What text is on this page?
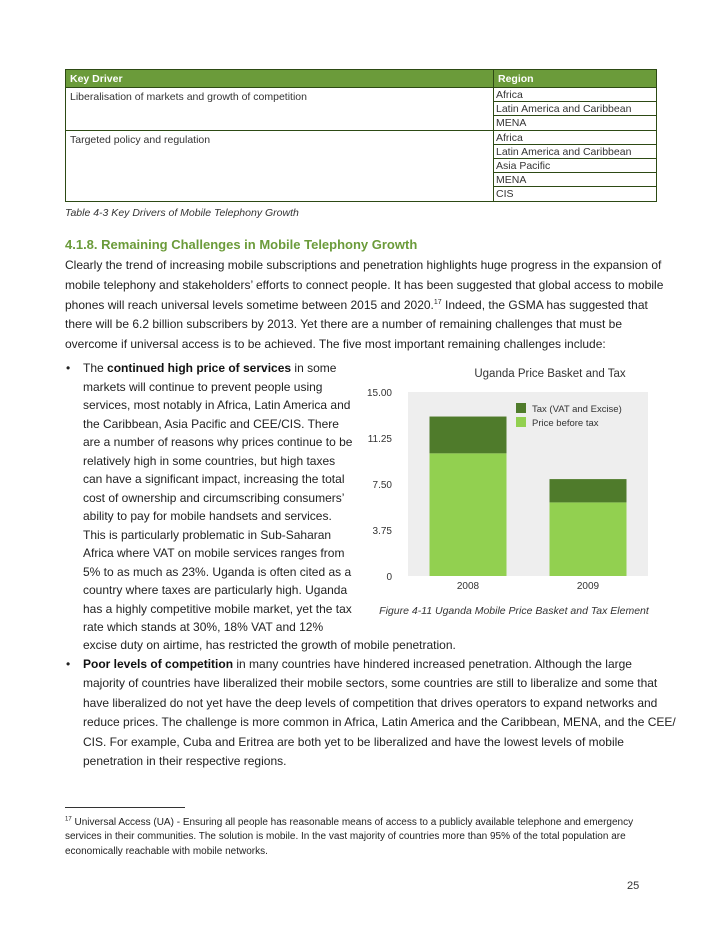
Key Driver	Region
Liberalisation of markets and growth of competition	Africa
Latin America and Caribbean
MENA

Targeted policy and regulation	Africa
Latin America and Caribbean
Asia Pacific
MENA
CIS
Table 4-3 Key Drivers of Mobile Telephony Growth
4.1.8. Remaining Challenges in Mobile Telephony Growth

Clearly the trend of increasing mobile subscriptions and penetration highlights huge progress in the expansion of mobile telephony and stakeholders’ efforts to connect people. It has been suggested that global access to mobile phones will reach universal levels sometime between 2015 and 2020.17 Indeed, the GSMA has suggested that there will be 6.2 billion subscribers by 2013. Yet there are a number of remaining challenges that must be overcome if universal access is to be achieved. The five most important remaining challenges include:

• The continued high price of services in some
markets will continue to prevent people using
services, most notably in Africa, Latin America and
the Caribbean, Asia Pacific and CEE/CIS. There
are a number of reasons why prices continue to be
relatively high in some countries, but high taxes
can have a significant impact, increasing the total
cost of ownership and circumscribing consumers’
ability to pay for mobile handsets and services.
This is particularly problematic in Sub-Saharan
Africa where VAT on mobile services ranges from
5% to as much as 23%. Uganda is often cited as a
country where taxes are particularly high. Uganda
has a highly competitive mobile market, yet the tax
rate which stands at 30%, 18% VAT and 12%
excise duty on airtime, has restricted the growth of mobile penetration.
• Poor levels of competition in many countries have hindered increased penetration. Although the large
majority of countries have liberalized their mobile sectors, some countries are still to liberalize and some that
have liberalized do not yet have the deep levels of competition that drives operators to expand networks and
reduce prices. The challenge is more common in Africa, Latin America and the Caribbean, MENA, and the CEE/
CIS. For example, Cuba and Eritrea are both yet to be liberalized and have the lowest levels of mobile
penetration in their respective regions.
Uganda Price Basket and Tax
0
3.75
7.50
11.25
15.00
2008	2009
Tax (VAT and Excise)
Price before tax
Figure 4-11 Uganda Mobile Price Basket and Tax Element

$^{17}$ Universal Access (UA) - Ensuring all people has reasonable means of access to a publicly available telephone and emergency services in their communities. The solution is mobile. In the vast majority of countries more than 95% of the total population are economically reachable with mobile networks.

25
